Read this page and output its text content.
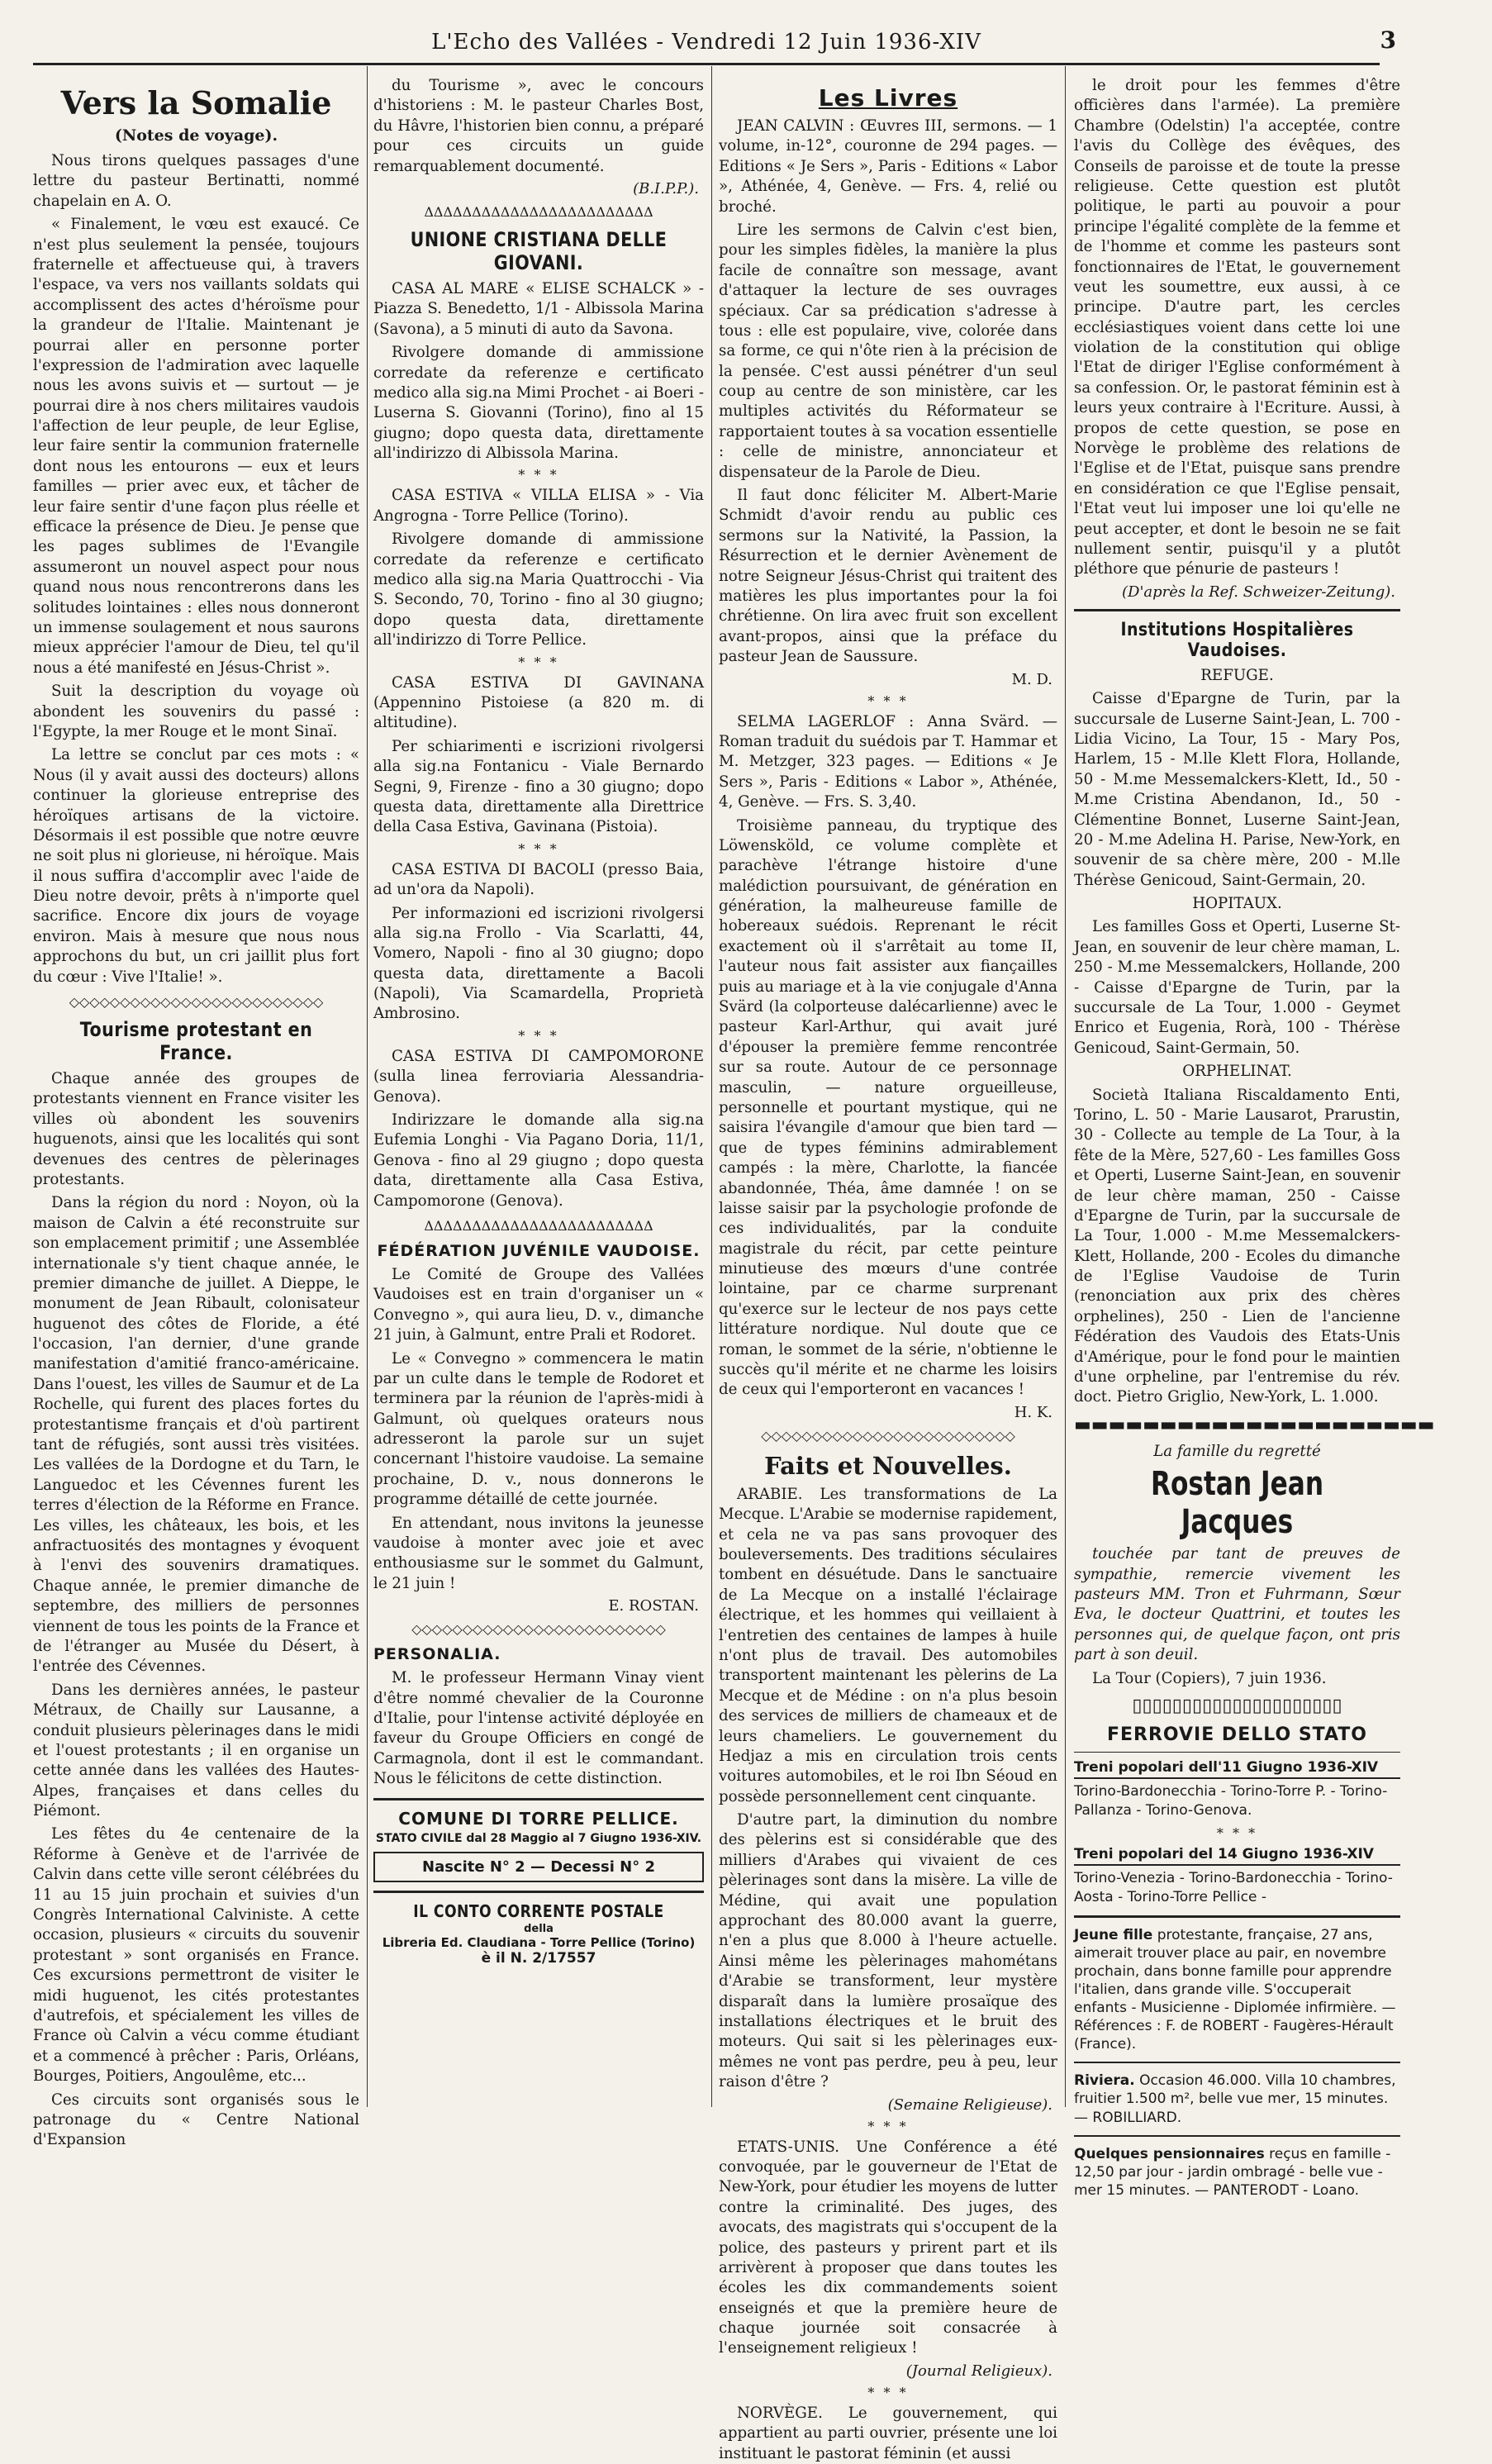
L'Echo des Vallées - Vendredi 12 Juin 1936-XIV	3
Vers la Somalie
(Notes de voyage).

Nous tirons quelques passages d'une lettre du pasteur Bertinatti, nommé chapelain en A. O.

« Finalement, le vœu est exaucé. Ce n'est plus seulement la pensée, toujours fraternelle et affectueuse qui, à travers l'espace, va vers nos vaillants soldats qui accomplissent des actes d'héroïsme pour la grandeur de l'Italie. Maintenant je pourrai aller en personne porter l'expression de l'admiration avec laquelle nous les avons suivis et — surtout — je pourrai dire à nos chers militaires vaudois l'affection de leur peuple, de leur Eglise, leur faire sentir la communion fraternelle dont nous les entourons — eux et leurs familles — prier avec eux, et tâcher de leur faire sentir d'une façon plus réelle et efficace la présence de Dieu. Je pense que les pages sublimes de l'Evangile assumeront un nouvel aspect pour nous quand nous nous rencontrerons dans les solitudes lointaines : elles nous donneront un immense soulagement et nous saurons mieux apprécier l'amour de Dieu, tel qu'il nous a été manifesté en Jésus-Christ ».

Suit la description du voyage où abondent les souvenirs du passé : l'Egypte, la mer Rouge et le mont Sinaï.

La lettre se conclut par ces mots : « Nous (il y avait aussi des docteurs) allons continuer la glorieuse entreprise des héroïques artisans de la victoire. Désormais il est possible que notre œuvre ne soit plus ni glorieuse, ni héroïque. Mais il nous suffira d'accomplir avec l'aide de Dieu notre devoir, prêts à n'importe quel sacrifice. Encore dix jours de voyage environ. Mais à mesure que nous nous approchons du but, un cri jaillit plus fort du cœur : Vive l'Italie! ».

◇◇◇◇◇◇◇◇◇◇◇◇◇◇◇◇◇◇◇◇◇◇◇◇◇
Tourisme protestant en France.

Chaque année des groupes de protestants viennent en France visiter les villes où abondent les souvenirs huguenots, ainsi que les localités qui sont devenues des centres de pèlerinages protestants.

Dans la région du nord : Noyon, où la maison de Calvin a été reconstruite sur son emplacement primitif ; une Assemblée internationale s'y tient chaque année, le premier dimanche de juillet. A Dieppe, le monument de Jean Ribault, colonisateur huguenot des côtes de Floride, a été l'occasion, l'an dernier, d'une grande manifestation d'amitié franco-américaine. Dans l'ouest, les villes de Saumur et de La Rochelle, qui furent des places fortes du protestantisme français et d'où partirent tant de réfugiés, sont aussi très visitées. Les vallées de la Dordogne et du Tarn, le Languedoc et les Cévennes furent les terres d'élection de la Réforme en France. Les villes, les châteaux, les bois, et les anfractuosités des montagnes y évoquent à l'envi des souvenirs dramatiques. Chaque année, le premier dimanche de septembre, des milliers de personnes viennent de tous les points de la France et de l'étranger au Musée du Désert, à l'entrée des Cévennes.

Dans les dernières années, le pasteur Métraux, de Chailly sur Lausanne, a conduit plusieurs pèlerinages dans le midi et l'ouest protestants ; il en organise un cette année dans les vallées des Hautes-Alpes, françaises et dans celles du Piémont.

Les fêtes du 4e centenaire de la Réforme à Genève et de l'arrivée de Calvin dans cette ville seront célébrées du 11 au 15 juin prochain et suivies d'un Congrès International Calviniste. A cette occasion, plusieurs « circuits du souvenir protestant » sont organisés en France. Ces excursions permettront de visiter le midi huguenot, les cités protestantes d'autrefois, et spécialement les villes de France où Calvin a vécu comme étudiant et a commencé à prêcher : Paris, Orléans, Bourges, Poitiers, Angoulême, etc...

Ces circuits sont organisés sous le patronage du « Centre National d'Expansion

du Tourisme », avec le concours d'historiens : M. le pasteur Charles Bost, du Hâvre, l'historien bien connu, a préparé pour ces circuits un guide remarquablement documenté.

(B.I.P.P.).
ΔΔΔΔΔΔΔΔΔΔΔΔΔΔΔΔΔΔΔΔΔΔΔΔ
UNIONE CRISTIANA DELLE GIOVANI.

CASA AL MARE « ELISE SCHALCK » - Piazza S. Benedetto, 1/1 - Albissola Marina (Savona), a 5 minuti di auto da Savona.

Rivolgere domande di ammissione corredate da referenze e certificato medico alla sig.na Mimi Prochet - ai Boeri - Luserna S. Giovanni (Torino), fino al 15 giugno; dopo questa data, direttamente all'indirizzo di Albissola Marina.

* * *

CASA ESTIVA « VILLA ELISA » - Via Angrogna - Torre Pellice (Torino).

Rivolgere domande di ammissione corredate da referenze e certificato medico alla sig.na Maria Quattrocchi - Via S. Secondo, 70, Torino - fino al 30 giugno; dopo questa data, direttamente all'indirizzo di Torre Pellice.

* * *

CASA ESTIVA DI GAVINANA (Appennino Pistoiese (a 820 m. di altitudine).

Per schiarimenti e iscrizioni rivolgersi alla sig.na Fontanicu - Viale Bernardo Segni, 9, Firenze - fino a 30 giugno; dopo questa data, direttamente alla Direttrice della Casa Estiva, Gavinana (Pistoia).

* * *

CASA ESTIVA DI BACOLI (presso Baia, ad un'ora da Napoli).

Per informazioni ed iscrizioni rivolgersi alla sig.na Frollo - Via Scarlatti, 44, Vomero, Napoli - fino al 30 giugno; dopo questa data, direttamente a Bacoli (Napoli), Via Scamardella, Proprietà Ambrosino.

* * *

CASA ESTIVA DI CAMPOMORONE (sulla linea ferroviaria Alessandria-Genova).

Indirizzare le domande alla sig.na Eufemia Longhi - Via Pagano Doria, 11/1, Genova - fino al 29 giugno ; dopo questa data, direttamente alla Casa Estiva, Campomorone (Genova).

ΔΔΔΔΔΔΔΔΔΔΔΔΔΔΔΔΔΔΔΔΔΔΔΔ
FÉDÉRATION JUVÉNILE VAUDOISE.

Le Comité de Groupe des Vallées Vaudoises est en train d'organiser un « Convegno », qui aura lieu, D. v., dimanche 21 juin, à Galmunt, entre Prali et Rodoret.

Le « Convegno » commencera le matin par un culte dans le temple de Rodoret et terminera par la réunion de l'après-midi à Galmunt, où quelques orateurs nous adresseront la parole sur un sujet concernant l'histoire vaudoise. La semaine prochaine, D. v., nous donnerons le programme détaillé de cette journée.

En attendant, nous invitons la jeunesse vaudoise à monter avec joie et avec enthousiasme sur le sommet du Galmunt, le 21 juin !

E. ROSTAN.
◇◇◇◇◇◇◇◇◇◇◇◇◇◇◇◇◇◇◇◇◇◇◇◇◇
PERSONALIA.

M. le professeur Hermann Vinay vient d'être nommé chevalier de la Couronne d'Italie, pour l'intense activité déployée en faveur du Groupe Officiers en congé de Carmagnola, dont il est le commandant. Nous le félicitons de cette distinction.

COMUNE DI TORRE PELLICE.
STATO CIVILE dal 28 Maggio al 7 Giugno 1936-XIV.
Nascite N° 2 — Decessi N° 2
IL CONTO CORRENTE POSTALE
della
Libreria Ed. Claudiana - Torre Pellice (Torino)
è il N. 2/17557
Les Livres

JEAN CALVIN : Œuvres III, sermons. — 1 volume, in-12°, couronne de 294 pages. — Editions « Je Sers », Paris - Editions « Labor », Athénée, 4, Genève. — Frs. 4, relié ou broché.

Lire les sermons de Calvin c'est bien, pour les simples fidèles, la manière la plus facile de connaître son message, avant d'attaquer la lecture de ses ouvrages spéciaux. Car sa prédication s'adresse à tous : elle est populaire, vive, colorée dans sa forme, ce qui n'ôte rien à la précision de la pensée. C'est aussi pénétrer d'un seul coup au centre de son ministère, car les multiples activités du Réformateur se rapportaient toutes à sa vocation essentielle : celle de ministre, annonciateur et dispensateur de la Parole de Dieu.

Il faut donc féliciter M. Albert-Marie Schmidt d'avoir rendu au public ces sermons sur la Nativité, la Passion, la Résurrection et le dernier Avènement de notre Seigneur Jésus-Christ qui traitent des matières les plus importantes pour la foi chrétienne. On lira avec fruit son excellent avant-propos, ainsi que la préface du pasteur Jean de Saussure.

M. D.
* * *

SELMA LAGERLOF : Anna Svärd. — Roman traduit du suédois par T. Hammar et M. Metzger, 323 pages. — Editions « Je Sers », Paris - Editions « Labor », Athénée, 4, Genève. — Frs. S. 3,40.

Troisième panneau, du tryptique des Löwensköld, ce volume complète et parachève l'étrange histoire d'une malédiction poursuivant, de génération en génération, la malheureuse famille de hobereaux suédois. Reprenant le récit exactement où il s'arrêtait au tome II, l'auteur nous fait assister aux fiançailles puis au mariage et à la vie conjugale d'Anna Svärd (la colporteuse dalécarlienne) avec le pasteur Karl-Arthur, qui avait juré d'épouser la première femme rencontrée sur sa route. Autour de ce personnage masculin, — nature orgueilleuse, personnelle et pourtant mystique, qui ne saisira l'évangile d'amour que bien tard — que de types féminins admirablement campés : la mère, Charlotte, la fiancée abandonnée, Théa, âme damnée ! on se laisse saisir par la psychologie profonde de ces individualités, par la conduite magistrale du récit, par cette peinture minutieuse des mœurs d'une contrée lointaine, par ce charme surprenant qu'exerce sur le lecteur de nos pays cette littérature nordique. Nul doute que ce roman, le sommet de la série, n'obtienne le succès qu'il mérite et ne charme les loisirs de ceux qui l'emporteront en vacances !

H. K.
◇◇◇◇◇◇◇◇◇◇◇◇◇◇◇◇◇◇◇◇◇◇◇◇◇
Faits et Nouvelles.

ARABIE. Les transformations de La Mecque. L'Arabie se modernise rapidement, et cela ne va pas sans provoquer des bouleversements. Des traditions séculaires tombent en désuétude. Dans le sanctuaire de La Mecque on a installé l'éclairage électrique, et les hommes qui veillaient à l'entretien des centaines de lampes à huile n'ont plus de travail. Des automobiles transportent maintenant les pèlerins de La Mecque et de Médine : on n'a plus besoin des services de milliers de chameaux et de leurs chameliers. Le gouvernement du Hedjaz a mis en circulation trois cents voitures automobiles, et le roi Ibn Séoud en possède personnellement cent cinquante.

D'autre part, la diminution du nombre des pèlerins est si considérable que des milliers d'Arabes qui vivaient de ces pèlerinages sont dans la misère. La ville de Médine, qui avait une population approchant des 80.000 avant la guerre, n'en a plus que 8.000 à l'heure actuelle. Ainsi même les pèlerinages mahométans d'Arabie se transforment, leur mystère disparaît dans la lumière prosaïque des installations électriques et le bruit des moteurs. Qui sait si les pèlerinages eux-mêmes ne vont pas perdre, peu à peu, leur raison d'être ?

(Semaine Religieuse).
* * *

ETATS-UNIS. Une Conférence a été convoquée, par le gouverneur de l'Etat de New-York, pour étudier les moyens de lutter contre la criminalité. Des juges, des avocats, des magistrats qui s'occupent de la police, des pasteurs y prirent part et ils arrivèrent à proposer que dans toutes les écoles les dix commandements soient enseignés et que la première heure de chaque journée soit consacrée à l'enseignement religieux !

(Journal Religieux).
* * *

NORVÈGE. Le gouvernement, qui appartient au parti ouvrier, présente une loi instituant le pastorat féminin (et aussi

le droit pour les femmes d'être officières dans l'armée). La première Chambre (Odelstin) l'a acceptée, contre l'avis du Collège des évêques, des Conseils de paroisse et de toute la presse religieuse. Cette question est plutôt politique, le parti au pouvoir a pour principe l'égalité complète de la femme et de l'homme et comme les pasteurs sont fonctionnaires de l'Etat, le gouvernement veut les soumettre, eux aussi, à ce principe. D'autre part, les cercles ecclésiastiques voient dans cette loi une violation de la constitution qui oblige l'Etat de diriger l'Eglise conformément à sa confession. Or, le pastorat féminin est à leurs yeux contraire à l'Ecriture. Aussi, à propos de cette question, se pose en Norvège le problème des relations de l'Eglise et de l'Etat, puisque sans prendre en considération ce que l'Eglise pensait, l'Etat veut lui imposer une loi qu'elle ne peut accepter, et dont le besoin ne se fait nullement sentir, puisqu'il y a plutôt pléthore que pénurie de pasteurs !

(D'après la Ref. Schweizer-Zeitung).
Institutions Hospitalières Vaudoises.
REFUGE.

Caisse d'Epargne de Turin, par la succursale de Luserne Saint-Jean, L. 700 - Lidia Vicino, La Tour, 15 - Mary Pos, Harlem, 15 - M.lle Klett Flora, Hollande, 50 - M.me Messemalckers-Klett, Id., 50 - M.me Cristina Abendanon, Id., 50 - Clémentine Bonnet, Luserne Saint-Jean, 20 - M.me Adelina H. Parise, New-York, en souvenir de sa chère mère, 200 - M.lle Thérèse Genicoud, Saint-Germain, 20.

HOPITAUX.

Les familles Goss et Operti, Luserne St-Jean, en souvenir de leur chère maman, L. 250 - M.me Messemalckers, Hollande, 200 - Caisse d'Epargne de Turin, par la succursale de La Tour, 1.000 - Geymet Enrico et Eugenia, Rorà, 100 - Thérèse Genicoud, Saint-Germain, 50.

ORPHELINAT.

Società Italiana Riscaldamento Enti, Torino, L. 50 - Marie Lausarot, Prarustin, 30 - Collecte au temple de La Tour, à la fête de la Mère, 527,60 - Les familles Goss et Operti, Luserne Saint-Jean, en souvenir de leur chère maman, 250 - Caisse d'Epargne de Turin, par la succursale de La Tour, 1.000 - M.me Messemalckers-Klett, Hollande, 200 - Ecoles du dimanche de l'Eglise Vaudoise de Turin (renonciation aux prix des chères orphelines), 250 - Lien de l'ancienne Fédération des Vaudois des Etats-Unis d'Amérique, pour le fond pour le maintien d'une orpheline, par l'entremise du rév. doct. Pietro Griglio, New-York, L. 1.000.

▬▬▬▬▬▬▬▬▬▬▬▬▬▬▬▬▬▬▬▬▬
La famille du regretté
Rostan Jean Jacques

touchée par tant de preuves de sympathie, remercie vivement les pasteurs MM. Tron et Fuhrmann, Sœur Eva, le docteur Quattrini, et toutes les personnes qui, de quelque façon, ont pris part à son deuil.

La Tour (Copiers), 7 juin 1936.

▯▯▯▯▯▯▯▯▯▯▯▯▯▯▯▯▯▯▯▯▯
FERROVIE DELLO STATO
Treni popolari dell'11 Giugno 1936-XIV
Torino-Bardonecchia - Torino-Torre P. - Torino-Pallanza - Torino-Genova.
* * *
Treni popolari del 14 Giugno 1936-XIV
Torino-Venezia - Torino-Bardonecchia - Torino-Aosta - Torino-Torre Pellice -

Jeune fille protestante, française, 27 ans, aimerait trouver place au pair, en novembre prochain, dans bonne famille pour apprendre l'italien, dans grande ville. S'occuperait enfants - Musicienne - Diplomée infirmière. — Références : F. de ROBERT - Faugères-Hérault (France).

Riviera. Occasion 46.000. Villa 10 chambres, fruitier 1.500 m², belle vue mer, 15 minutes. — ROBILLIARD.

Quelques pensionnaires reçus en famille - 12,50 par jour - jardin ombragé - belle vue - mer 15 minutes. — PANTERODT - Loano.
